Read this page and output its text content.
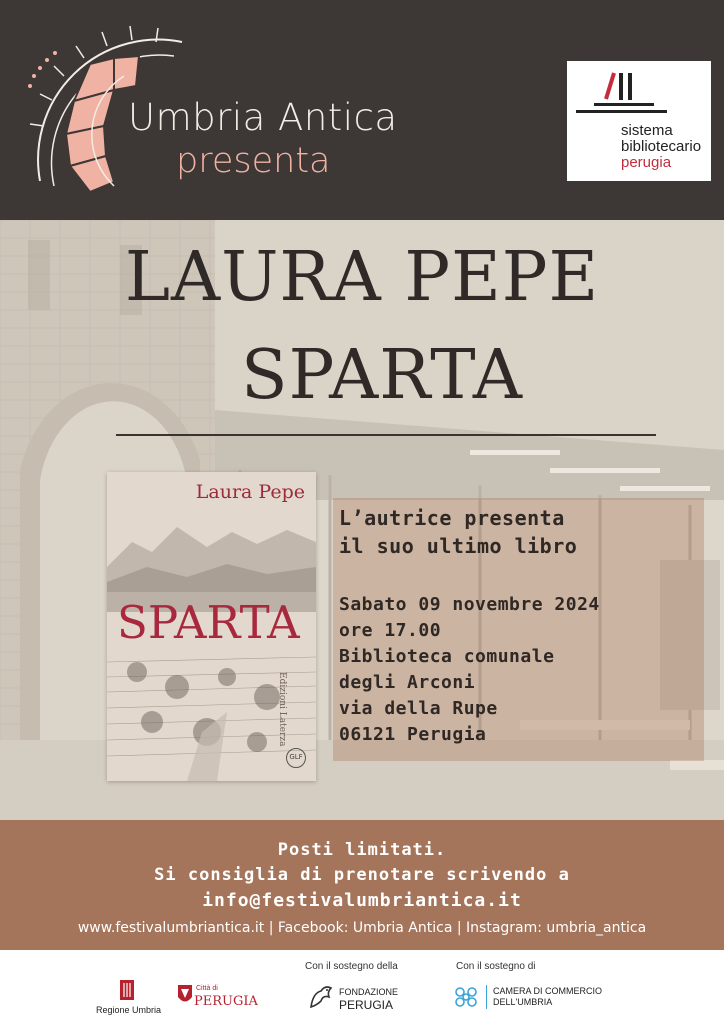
Umbria Antica
presenta
sistema
bibliotecario
perugia
LAURA PEPE
SPARTA
Laura Pepe
SPARTA
Edizioni Laterza
GLF
L’autrice presenta
il suo ultimo libro
Sabato 09 novembre 2024
ore 17.00
Biblioteca comunale
degli Arconi
via della Rupe
06121 Perugia
Posti limitati.
Si consiglia di prenotare scrivendo a
info@festivalumbriantica.it
www.festivalumbriantica.it | Facebook: Umbria Antica | Instagram: umbria_antica
Regione Umbria
Città di
PERUGIA
Con il sostegno della
FONDAZIONE
PERUGIA
Con il sostegno di
CAMERA DI COMMERCIO
DELL'UMBRIA
